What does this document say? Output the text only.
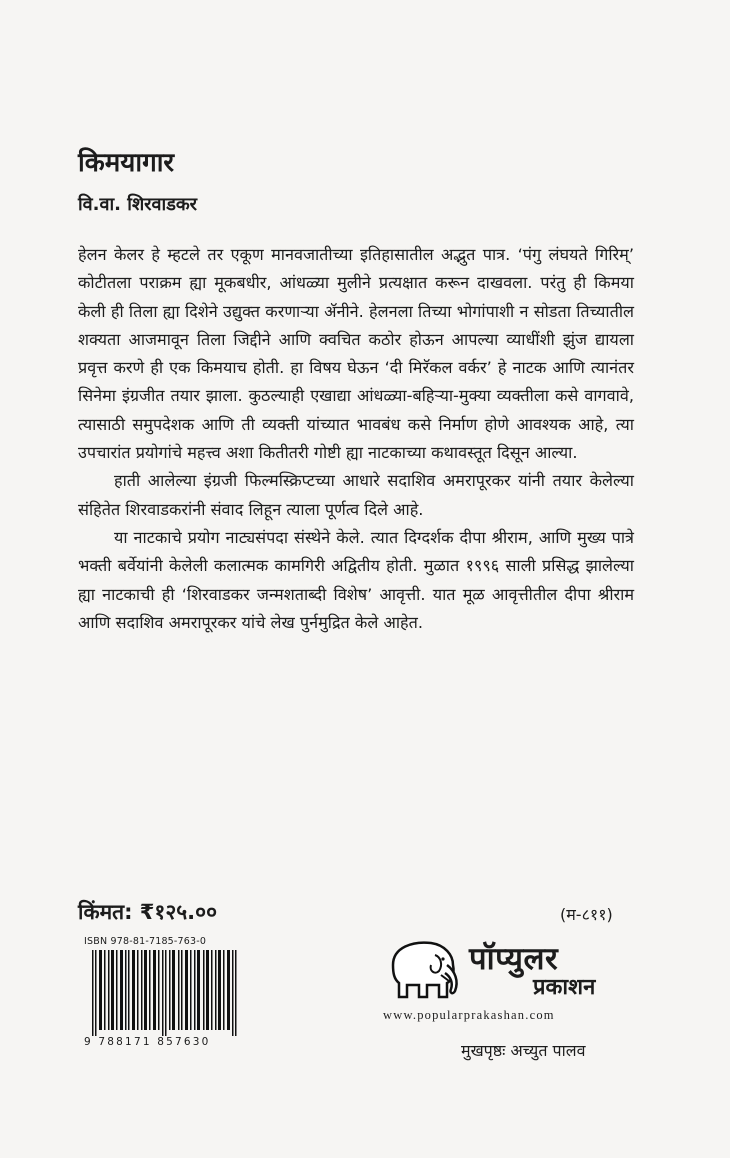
किमयागार
वि.वा. शिरवाडकर

हेलन केलर हे म्हटले तर एकूण मानवजातीच्या इतिहासातील अद्भुत पात्र. ‘पंगु लंघयते गिरिम्’ कोटीतला पराक्रम ह्या मूकबधीर, आंधळ्या मुलीने प्रत्यक्षात करून दाखवला. परंतु ही किमया केली ही तिला ह्या दिशेने उद्युक्त करणाऱ्या ॲनीने. हेलनला तिच्या भोगांपाशी न सोडता तिच्यातील शक्यता आजमावून तिला जिद्दीने आणि क्वचित कठोर होऊन आपल्या व्याधींशी झुंज द्यायला प्रवृत्त करणे ही एक किमयाच होती. हा विषय घेऊन ‘दी मिरॅकल वर्कर’ हे नाटक आणि त्यानंतर सिनेमा इंग्रजीत तयार झाला. कुठल्याही एखाद्या आंधळ्या-बहिऱ्या-मुक्या व्यक्तीला कसे वागवावे, त्यासाठी समुपदेशक आणि ती व्यक्ती यांच्यात भावबंध कसे निर्माण होणे आवश्यक आहे, त्या उपचारांत प्रयोगांचे महत्त्व अशा कितीतरी गोष्टी ह्या नाटकाच्या कथावस्तूत दिसून आल्या.

हाती आलेल्या इंग्रजी फिल्मस्क्रिप्टच्या आधारे सदाशिव अमरापूरकर यांनी तयार केलेल्या संहितेत शिरवाडकरांनी संवाद लिहून त्याला पूर्णत्व दिले आहे.

या नाटकाचे प्रयोग नाट्यसंपदा संस्थेने केले. त्यात दिग्दर्शक दीपा श्रीराम, आणि मुख्य पात्रे भक्ती बर्वेयांनी केलेली कलात्मक कामगिरी अद्वितीय होती. मुळात १९९६ साली प्रसिद्ध झालेल्या ह्या नाटकाची ही ‘शिरवाडकर जन्मशताब्दी विशेष’ आवृत्ती. यात मूळ आवृत्तीतील दीपा श्रीराम आणि सदाशिव अमरापूरकर यांचे लेख पुर्नमुद्रित केले आहेत.

किंमत: ₹१२५.००	(म-८११)
ISBN 978-81-7185-763-0
9 788171 857630
पॉप्युलर
प्रकाशन
www.popularprakashan.com
मुखपृष्ठः अच्युत पालव
